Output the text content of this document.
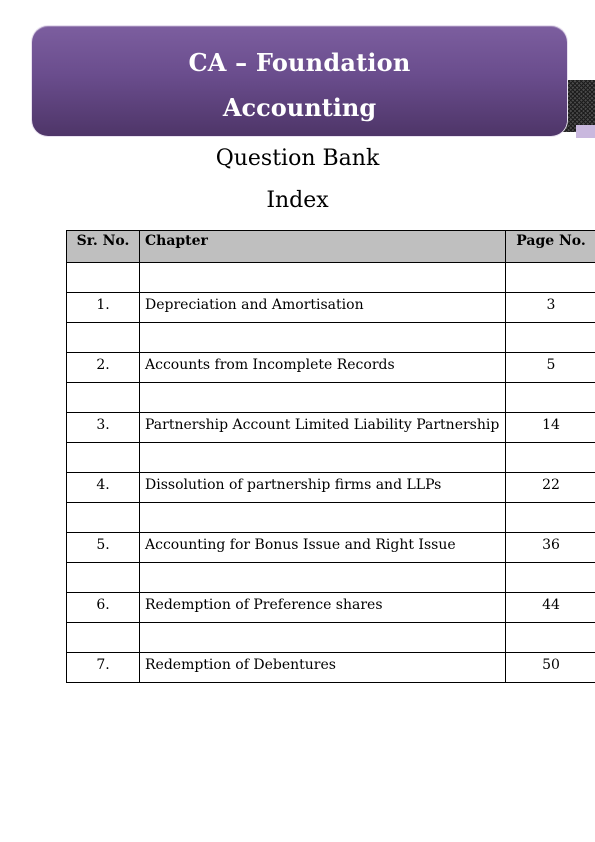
CA – Foundation
Accounting
Question Bank
Index
Sr. No.	Chapter	Page No.

1.	Depreciation and Amortisation	3

2.	Accounts from Incomplete Records	5

3.	Partnership Account Limited Liability Partnership	14

4.	Dissolution of partnership firms and LLPs	22

5.	Accounting for Bonus Issue and Right Issue	36

6.	Redemption of Preference shares	44

7.	Redemption of Debentures	50
